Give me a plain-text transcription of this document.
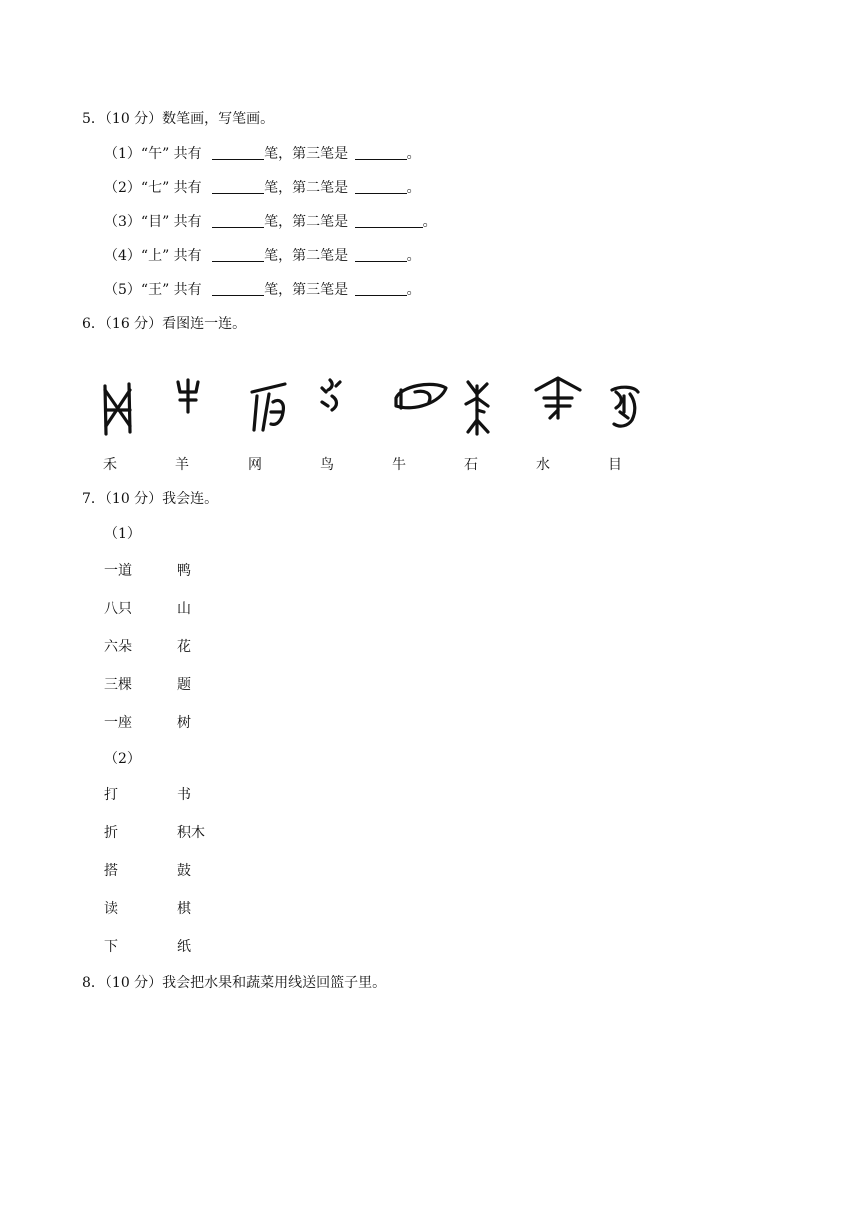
5．（10 分）数笔画，写笔画。
（1）“午” 共有	笔，第三笔是	。
（2）“七” 共有	笔，第二笔是	。
（3）“目” 共有	笔，第二笔是	。
（4）“上” 共有	笔，第二笔是	。
（5）“王” 共有	笔，第三笔是	。
6．（16 分）看图连一连。
禾	羊	网	鸟	牛	石	水	目
7．（10 分）我会连。
（1）
一道	鸭
八只	山
六朵	花
三棵	题
一座	树
（2）
打	书
折	积木
搭	鼓
读	棋
下	纸
8．（10 分）我会把水果和蔬菜用线送回篮子里。
